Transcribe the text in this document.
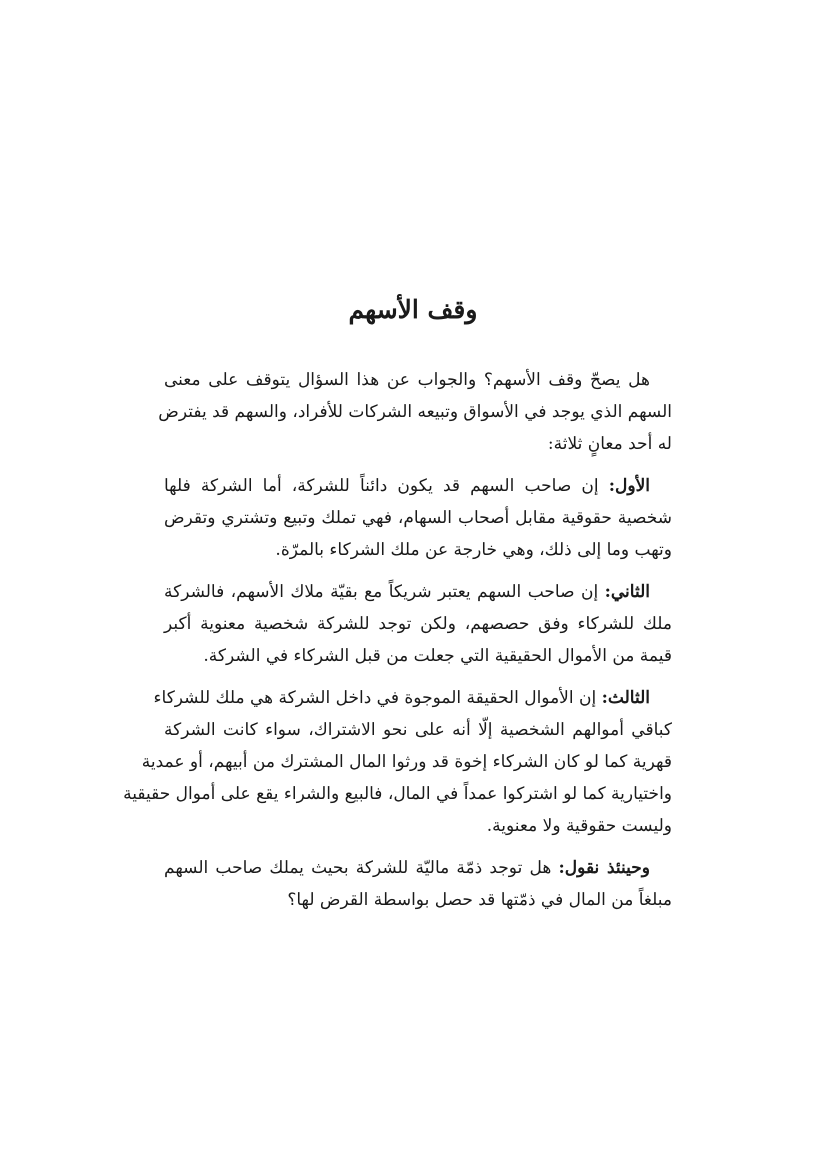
وقف الأسهم

هل يصحّ وقف الأسهم؟ والجواب عن هذا السؤال يتوقف على معنى
السهم الذي يوجد في الأسواق وتبيعه الشركات للأفراد، والسهم قد يفترض
له أحد معانٍ ثلاثة:

الأول: إن صاحب السهم قد يكون دائناً للشركة، أما الشركة فلها
شخصية حقوقية مقابل أصحاب السهام، فهي تملك وتبيع وتشتري وتقرض
وتهب وما إلى ذلك، وهي خارجة عن ملك الشركاء بالمرّة.

الثاني: إن صاحب السهم يعتبر شريكاً مع بقيّة ملاك الأسهم، فالشركة
ملك للشركاء وفق حصصهم، ولكن توجد للشركة شخصية معنوية أكبر
قيمة من الأموال الحقيقية التي جعلت من قبل الشركاء في الشركة.

الثالث: إن الأموال الحقيقة الموجوة في داخل الشركة هي ملك للشركاء
كباقي أموالهم الشخصية إلّا أنه على نحو الاشتراك، سواء كانت الشركة
قهرية كما لو كان الشركاء إخوة قد ورثوا المال المشترك من أبيهم، أو عمدية
واختيارية كما لو اشتركوا عمداً في المال، فالبيع والشراء يقع على أموال حقيقية
وليست حقوقية ولا معنوية.

وحينئذ نقول: هل توجد ذمّة ماليّة للشركة بحيث يملك صاحب السهم
مبلغاً من المال في ذمّتها قد حصل بواسطة القرض لها؟
